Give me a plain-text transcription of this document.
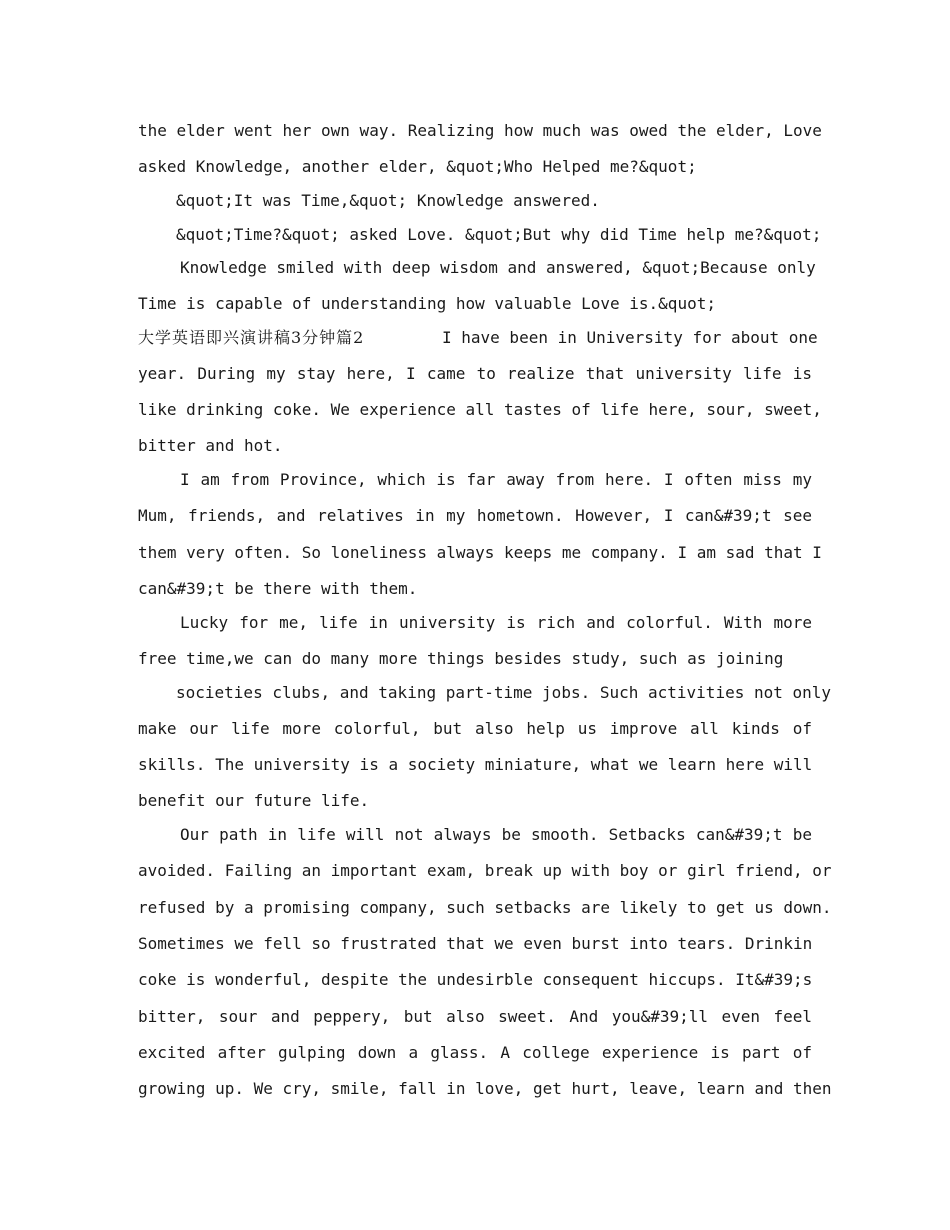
the elder went her own way. Realizing how much was owed the elder, Love
asked Knowledge, another elder, &quot;Who Helped me?&quot;
&quot;It was Time,&quot; Knowledge answered.
&quot;Time?&quot; asked Love. &quot;But why did Time help me?&quot;
Knowledge smiled with deep wisdom and answered, &quot;Because only
Time is capable of understanding how valuable Love is.&quot;
大学英语即兴演讲稿3分钟篇2	I have been in University for about one
year. During my stay here, I came to realize that university life is
like drinking coke. We experience all tastes of life here, sour, sweet,
bitter and hot.
I am from Province, which is far away from here. I often miss my
Mum, friends, and relatives in my hometown. However, I can&#39;t see
them very often. So loneliness always keeps me company. I am sad that I
can&#39;t be there with them.
Lucky for me, life in university is rich and colorful. With more
free time,we can do many more things besides study, such as joining
societies clubs, and taking part-time jobs. Such activities not only
make our life more colorful, but also help us improve all kinds of
skills. The university is a society miniature, what we learn here will
benefit our future life.
Our path in life will not always be smooth. Setbacks can&#39;t be
avoided. Failing an important exam, break up with boy or girl friend, or
refused by a promising company, such setbacks are likely to get us down.
Sometimes we fell so frustrated that we even burst into tears. Drinkin
coke is wonderful, despite the undesirble consequent hiccups. It&#39;s
bitter, sour and peppery, but also sweet. And you&#39;ll even feel
excited after gulping down a glass. A college experience is part of
growing up. We cry, smile, fall in love, get hurt, leave, learn and then
